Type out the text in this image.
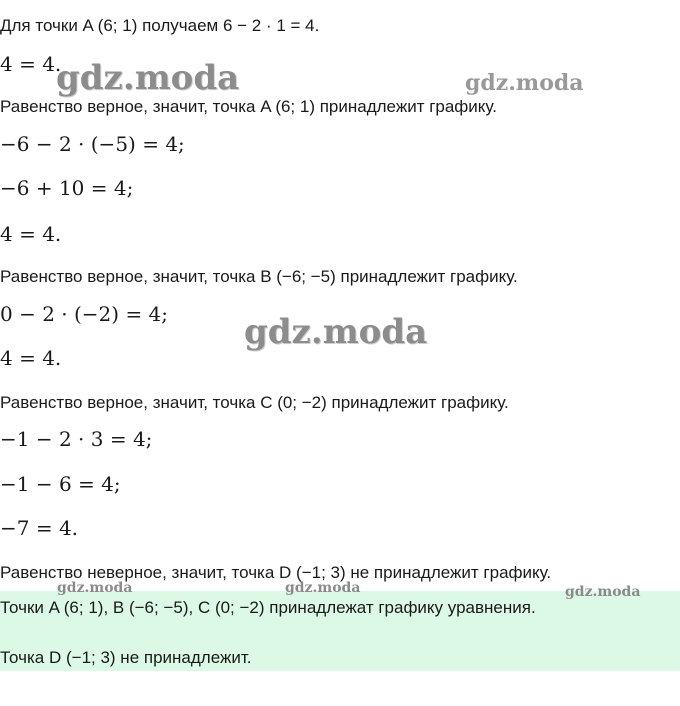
Для точки A (6; 1) получаем 6 − 2 · 1 = 4.
4 = 4.
Равенство верное, значит, точка A (6; 1) принадлежит графику.
−6 − 2 · (−5) = 4;
−6 + 10 = 4;
4 = 4.
Равенство верное, значит, точка B (−6; −5) принадлежит графику.
0 − 2 · (−2) = 4;
4 = 4.
Равенство верное, значит, точка C (0; −2) принадлежит графику.
−1 − 2 · 3 = 4;
−1 − 6 = 4;
−7 = 4.
Равенство неверное, значит, точка D (−1; 3) не принадлежит графику.
Точки A (6; 1), B (−6; −5), C (0; −2) принадлежат графику уравнения.
Точка D (−1; 3) не принадлежит.
gdz.moda	gdz.moda
gdz.moda
gdz.moda	gdz.moda	gdz.moda
